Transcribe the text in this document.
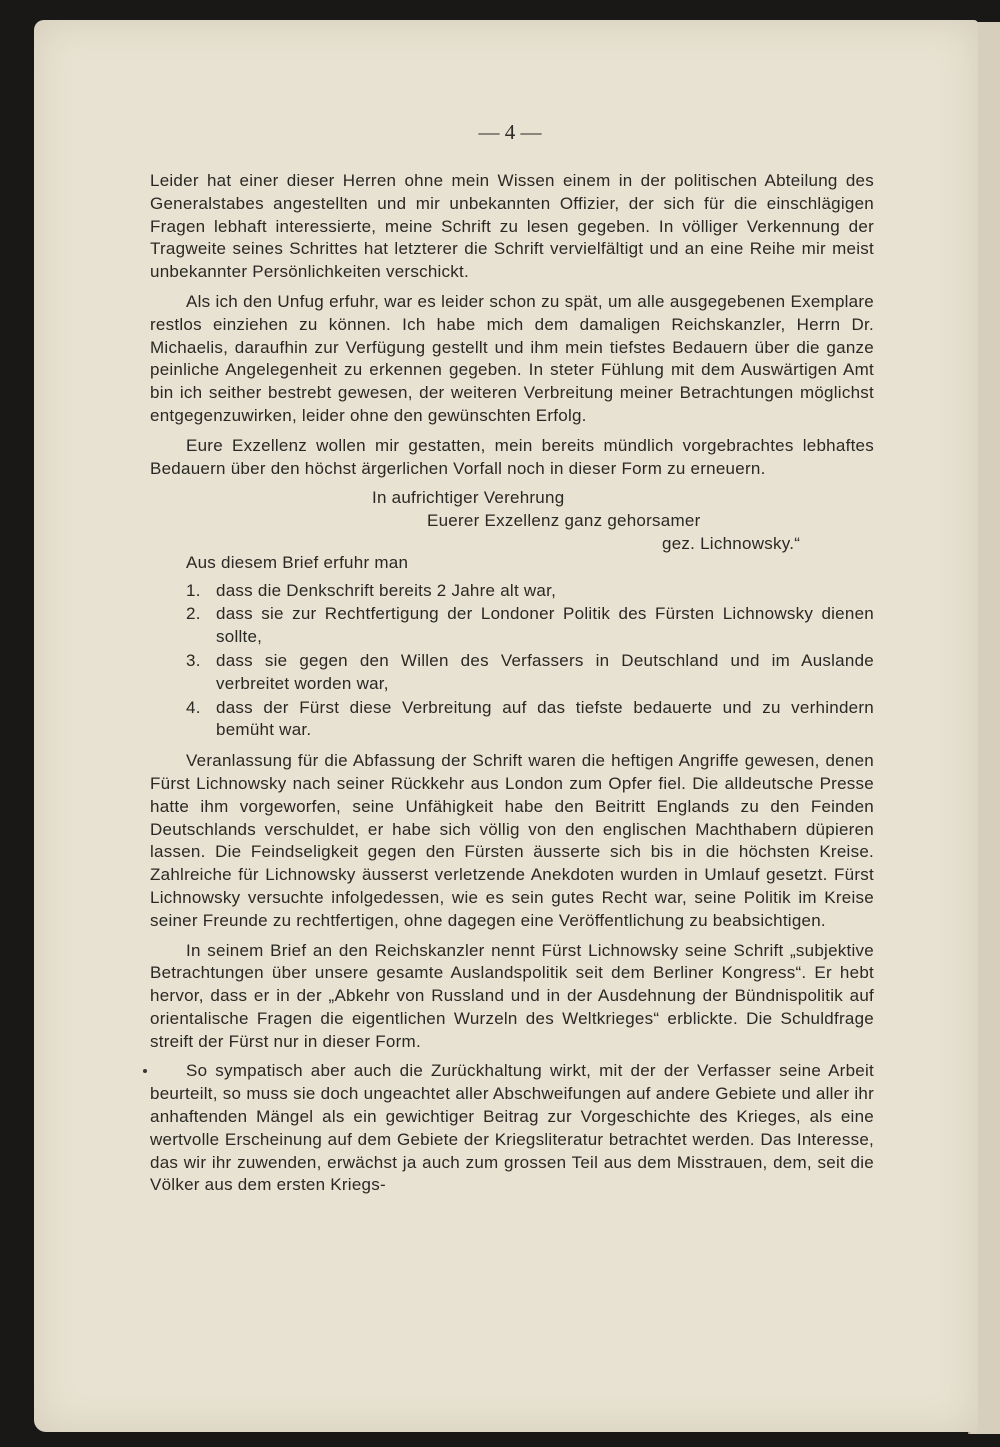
— 4 —

Leider hat einer dieser Herren ohne mein Wissen einem in der politischen Abteilung des Generalstabes angestellten und mir unbekannten Offizier, der sich für die einschlägigen Fragen lebhaft interessierte, meine Schrift zu lesen gegeben. In völliger Verkennung der Tragweite seines Schrittes hat letzterer die Schrift vervielfältigt und an eine Reihe mir meist unbekannter Persönlichkeiten verschickt.

Als ich den Unfug erfuhr, war es leider schon zu spät, um alle ausgegebenen Exemplare restlos einziehen zu können. Ich habe mich dem damaligen Reichskanzler, Herrn Dr. Michaelis, daraufhin zur Verfügung gestellt und ihm mein tiefstes Bedauern über die ganze peinliche Angelegenheit zu erkennen gegeben. In steter Fühlung mit dem Auswärtigen Amt bin ich seither bestrebt gewesen, der weiteren Verbreitung meiner Betrachtungen möglichst entgegenzuwirken, leider ohne den gewünschten Erfolg.

Eure Exzellenz wollen mir gestatten, mein bereits mündlich vorgebrachtes lebhaftes Bedauern über den höchst ärgerlichen Vorfall noch in dieser Form zu erneuern.

In aufrichtiger Verehrung
Euerer Exzellenz ganz gehorsamer
gez. Lichnowsky.“

Aus diesem Brief erfuhr man

1. dass die Denkschrift bereits 2 Jahre alt war,
2. dass sie zur Rechtfertigung der Londoner Politik des Fürsten Lichnowsky dienen sollte,
3. dass sie gegen den Willen des Verfassers in Deutschland und im Auslande verbreitet worden war,
4. dass der Fürst diese Verbreitung auf das tiefste bedauerte und zu verhindern bemüht war.

Veranlassung für die Abfassung der Schrift waren die heftigen Angriffe gewesen, denen Fürst Lichnowsky nach seiner Rückkehr aus London zum Opfer fiel. Die alldeutsche Presse hatte ihm vorgeworfen, seine Unfähigkeit habe den Beitritt Englands zu den Feinden Deutschlands verschuldet, er habe sich völlig von den englischen Machthabern düpieren lassen. Die Feindseligkeit gegen den Fürsten äusserte sich bis in die höchsten Kreise. Zahlreiche für Lichnowsky äusserst verletzende Anekdoten wurden in Umlauf gesetzt. Fürst Lichnowsky versuchte infolgedessen, wie es sein gutes Recht war, seine Politik im Kreise seiner Freunde zu rechtfertigen, ohne dagegen eine Veröffentlichung zu beabsichtigen.

In seinem Brief an den Reichskanzler nennt Fürst Lichnowsky seine Schrift „subjektive Betrachtungen über unsere gesamte Auslandspolitik seit dem Berliner Kongress“. Er hebt hervor, dass er in der „Abkehr von Russland und in der Ausdehnung der Bündnispolitik auf orientalische Fragen die eigentlichen Wurzeln des Weltkrieges“ erblickte. Die Schuldfrage streift der Fürst nur in dieser Form.

So sympatisch aber auch die Zurückhaltung wirkt, mit der der Verfasser seine Arbeit beurteilt, so muss sie doch ungeachtet aller Abschweifungen auf andere Gebiete und aller ihr anhaftenden Mängel als ein gewichtiger Beitrag zur Vorgeschichte des Krieges, als eine wertvolle Erscheinung auf dem Gebiete der Kriegsliteratur betrachtet werden. Das Interesse, das wir ihr zuwenden, erwächst ja auch zum grossen Teil aus dem Misstrauen, dem, seit die Völker aus dem ersten Kriegs-
